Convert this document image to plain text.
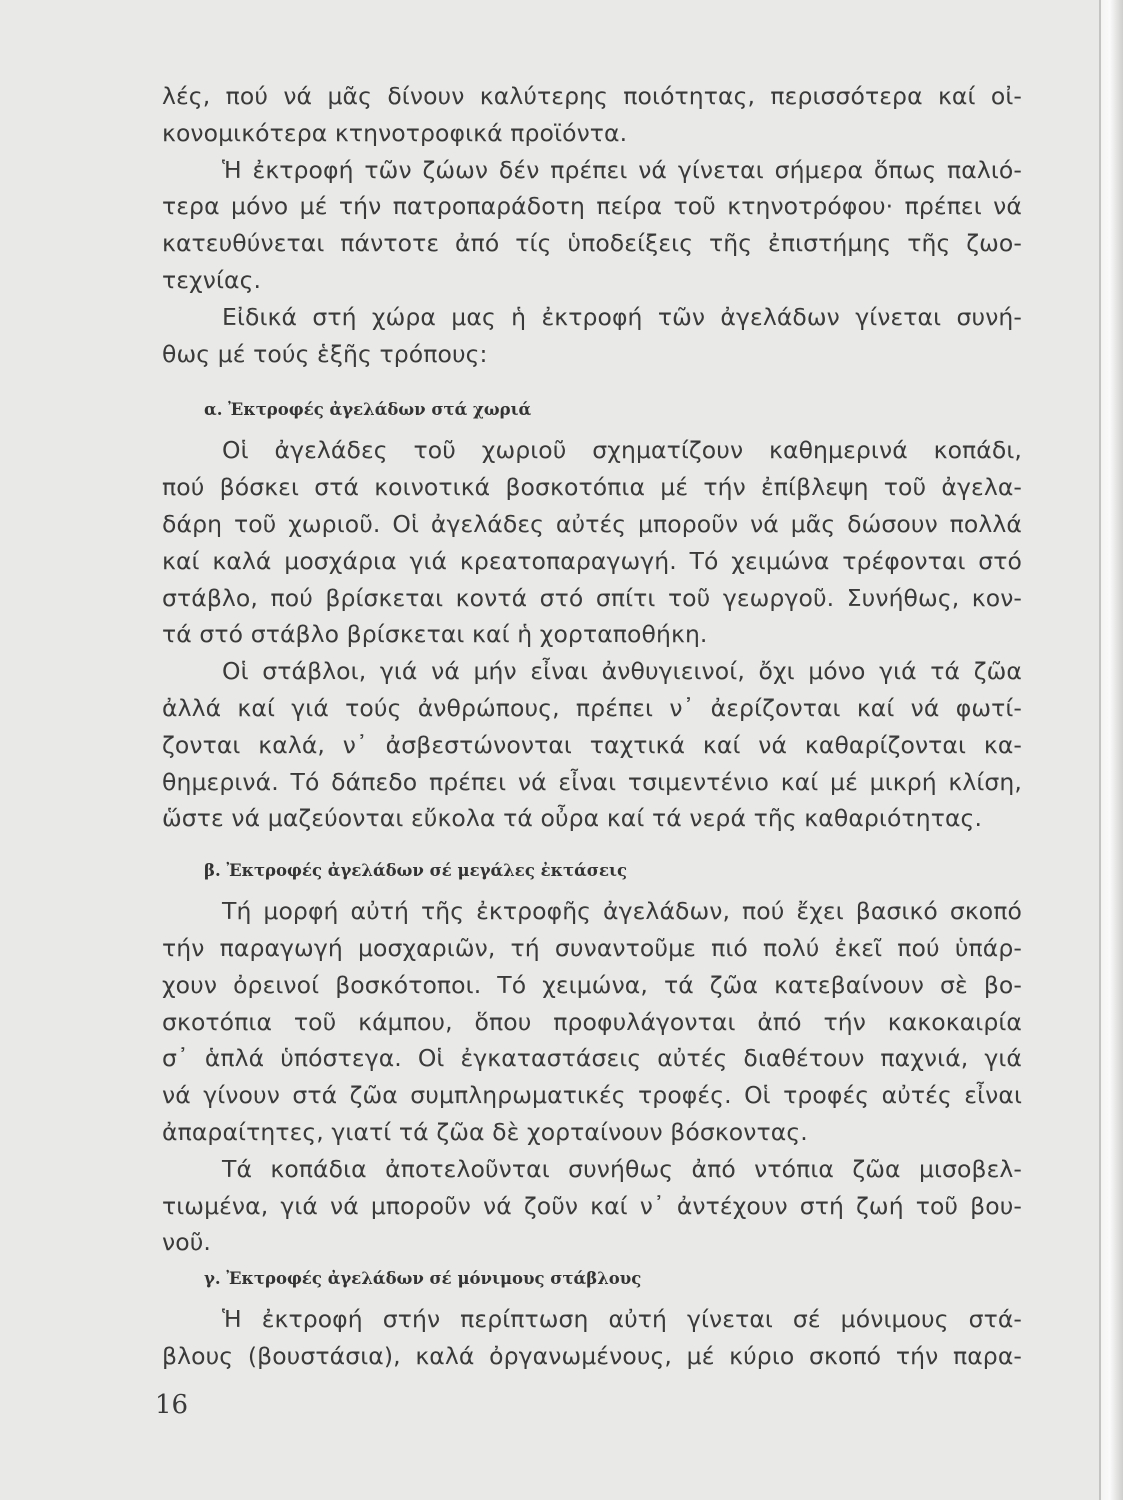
λές, πού νά μᾶς δίνουν καλύτερης ποιότητας, περισσότερα καί οἰ-
κονομικότερα κτηνοτροφικά προϊόντα.
Ἡ ἐκτροφή τῶν ζώων δέν πρέπει νά γίνεται σήμερα ὅπως παλιό-
τερα μόνο μέ τήν πατροπαράδοτη πείρα τοῦ κτηνοτρόφου· πρέπει νά
κατευθύνεται πάντοτε ἀπό τίς ὑποδείξεις τῆς ἐπιστήμης τῆς ζωο-
τεχνίας.
Εἰδικά στή χώρα μας ἡ ἐκτροφή τῶν ἀγελάδων γίνεται συνή-
θως μέ τούς ἑξῆς τρόπους:
α. Ἐκτροφές ἀγελάδων στά χωριά
Οἱ ἀγελάδες τοῦ χωριοῦ σχηματίζουν καθημερινά κοπάδι,
πού βόσκει στά κοινοτικά βοσκοτόπια μέ τήν ἐπίβλεψη τοῦ ἀγελα-
δάρη τοῦ χωριοῦ. Οἱ ἀγελάδες αὐτές μποροῦν νά μᾶς δώσουν πολλά
καί καλά μοσχάρια γιά κρεατοπαραγωγή. Τό χειμώνα τρέφονται στό
στάβλο, πού βρίσκεται κοντά στό σπίτι τοῦ γεωργοῦ. Συνήθως, κον-
τά στό στάβλο βρίσκεται καί ἡ χορταποθήκη.
Οἱ στάβλοι, γιά νά μήν εἶναι ἀνθυγιεινοί, ὄχι μόνο γιά τά ζῶα
ἀλλά καί γιά τούς ἀνθρώπους, πρέπει ν᾽ ἀερίζονται καί νά φωτί-
ζονται καλά, ν᾽ ἀσβεστώνονται ταχτικά καί νά καθαρίζονται κα-
θημερινά. Τό δάπεδο πρέπει νά εἶναι τσιμεντένιο καί μέ μικρή κλίση,
ὥστε νά μαζεύονται εὔκολα τά οὖρα καί τά νερά τῆς καθαριότητας.
β. Ἐκτροφές ἀγελάδων σέ μεγάλες ἐκτάσεις
Τή μορφή αὐτή τῆς ἐκτροφῆς ἀγελάδων, πού ἔχει βασικό σκοπό
τήν παραγωγή μοσχαριῶν, τή συναντοῦμε πιό πολύ ἐκεῖ πού ὑπάρ-
χουν ὀρεινοί βοσκότοποι. Τό χειμώνα, τά ζῶα κατεβαίνουν σὲ βο-
σκοτόπια τοῦ κάμπου, ὅπου προφυλάγονται ἀπό τήν κακοκαιρία
σ᾽ ἁπλά ὑπόστεγα. Οἱ ἐγκαταστάσεις αὐτές διαθέτουν παχνιά, γιά
νά γίνουν στά ζῶα συμπληρωματικές τροφές. Οἱ τροφές αὐτές εἶναι
ἀπαραίτητες, γιατί τά ζῶα δὲ χορταίνουν βόσκοντας.
Τά κοπάδια ἀποτελοῦνται συνήθως ἀπό ντόπια ζῶα μισοβελ-
τιωμένα, γιά νά μποροῦν νά ζοῦν καί ν᾽ ἀντέχουν στή ζωή τοῦ βου-
νοῦ.
γ. Ἐκτροφές ἀγελάδων σέ μόνιμους στάβλους
Ἡ ἐκτροφή στήν περίπτωση αὐτή γίνεται σέ μόνιμους στά-
βλους (βουστάσια), καλά ὀργανωμένους, μέ κύριο σκοπό τήν παρα-
16
